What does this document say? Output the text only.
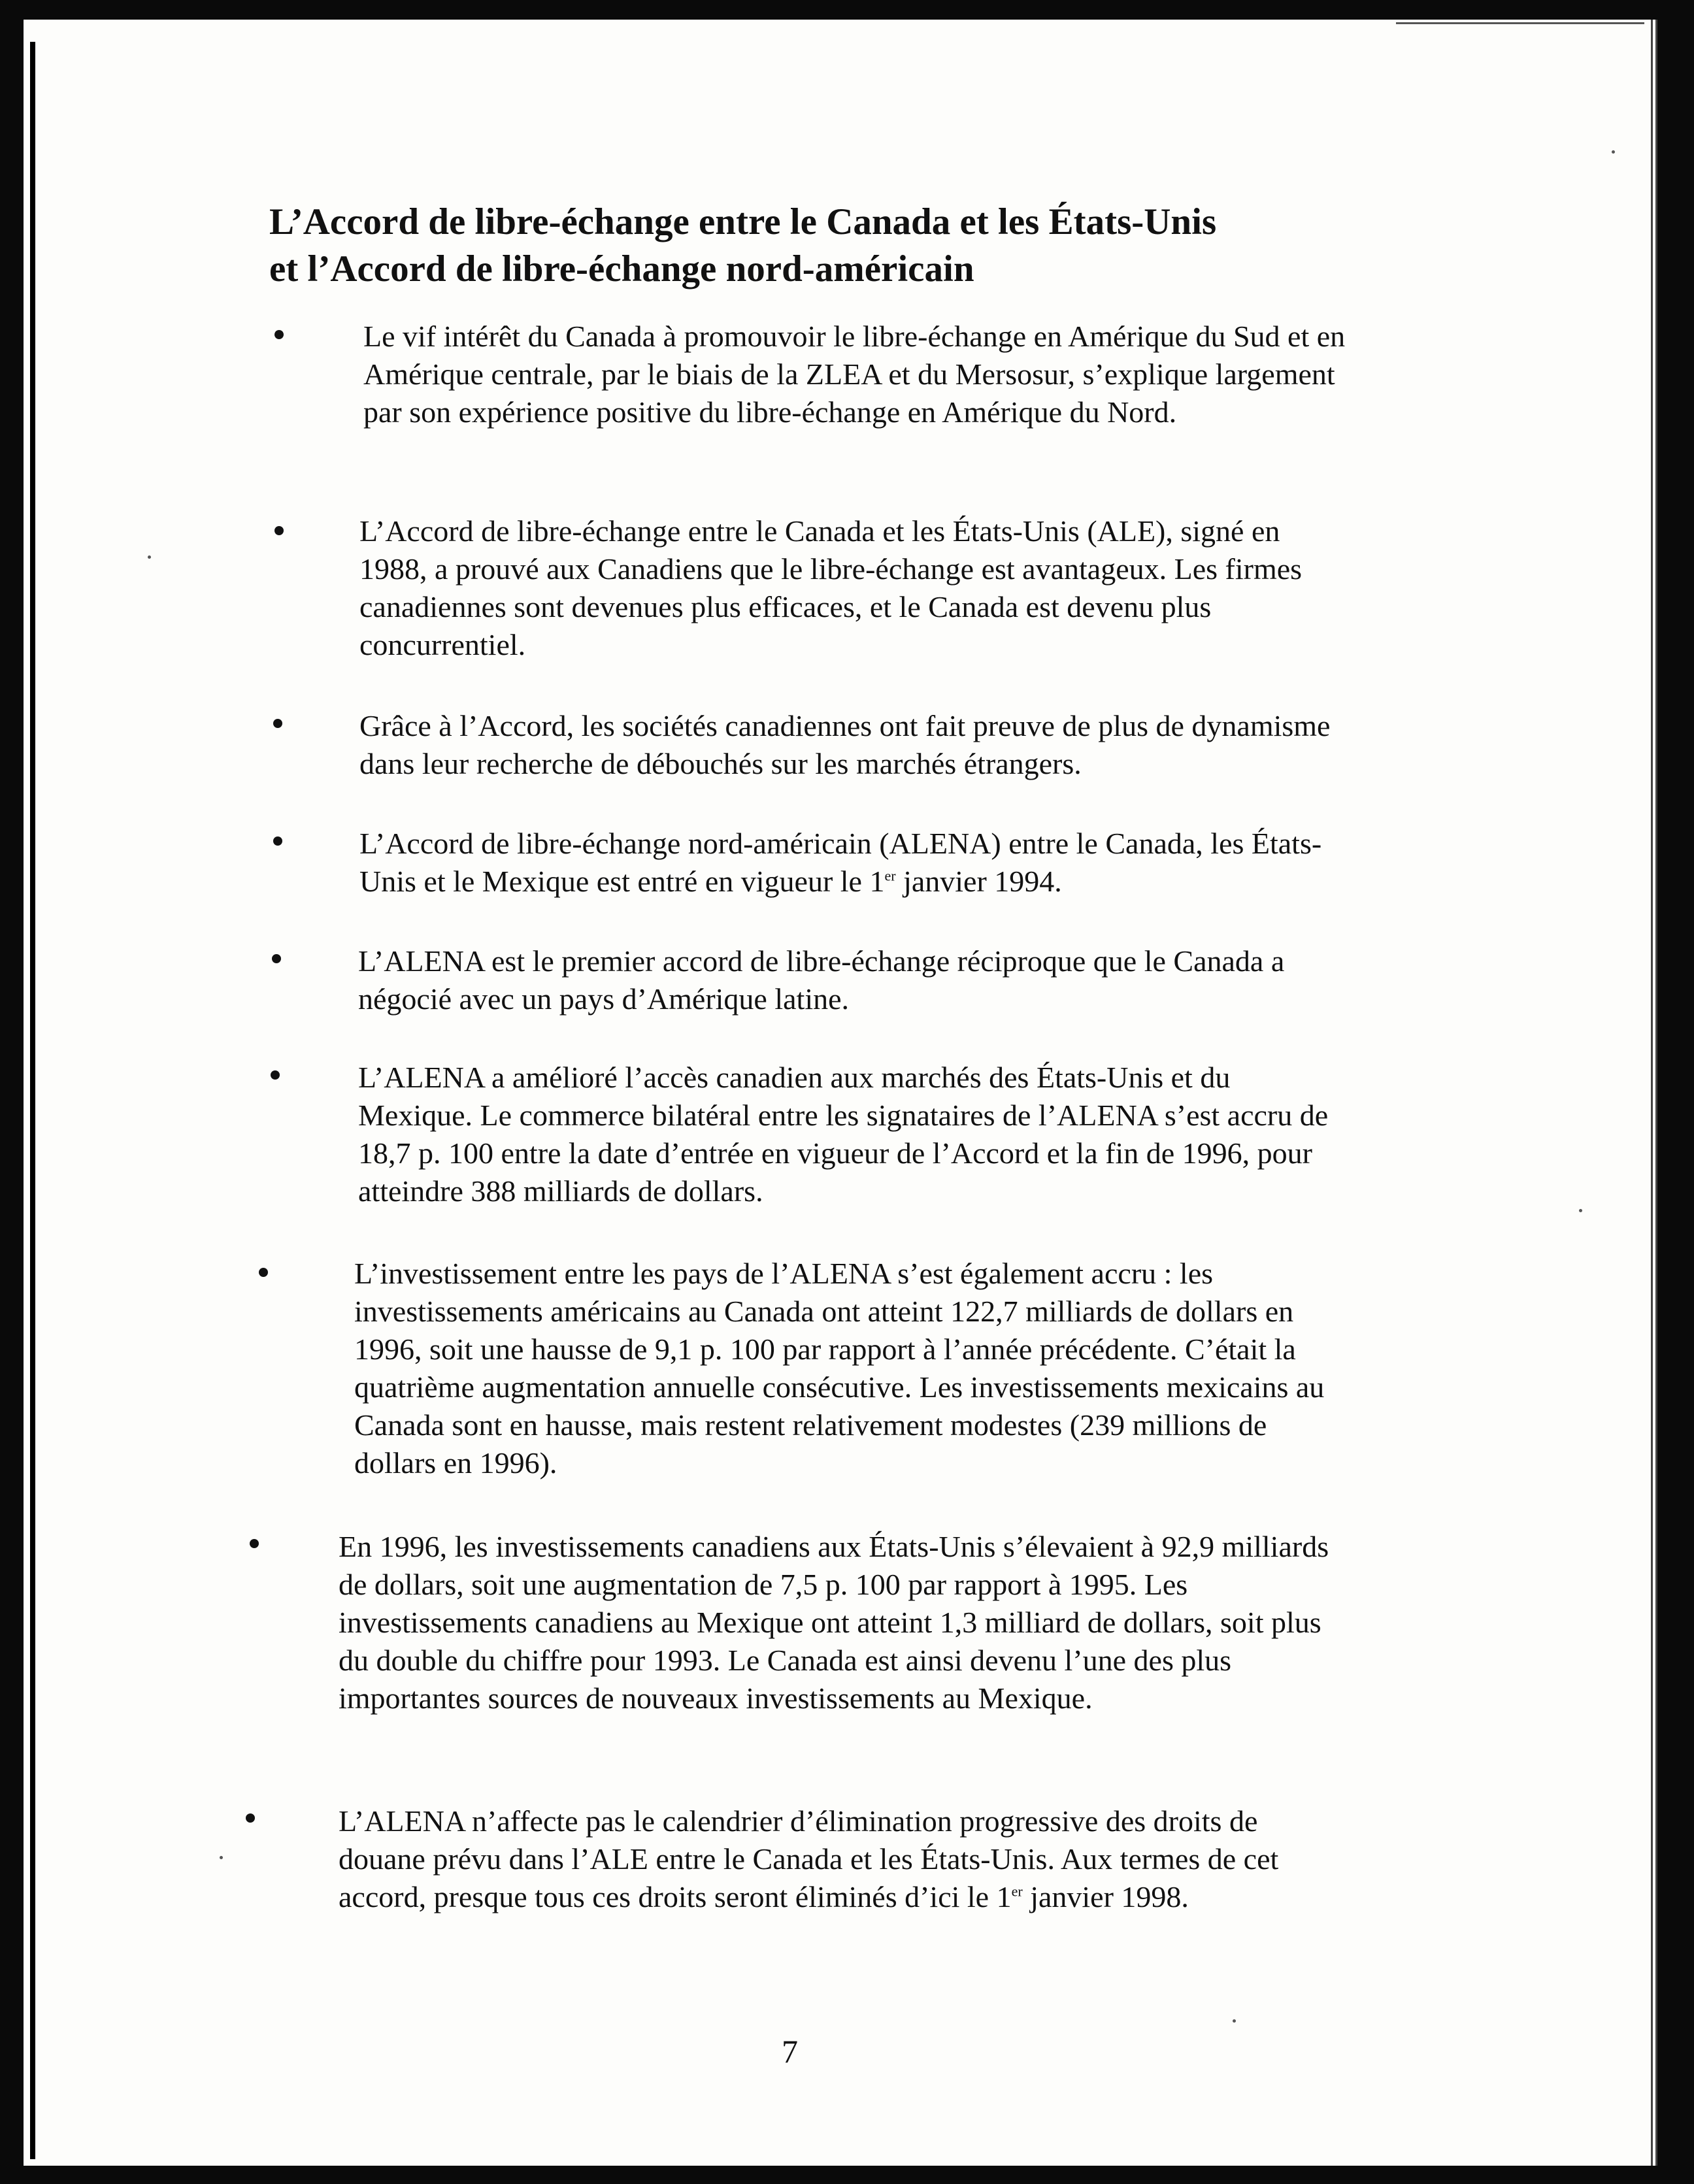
L’Accord de libre-échange entre le Canada et les États-Unis
et l’Accord de libre-échange nord-américain

Le vif intérêt du Canada à promouvoir le libre-échange en Amérique du Sud et en Amérique centrale, par le biais de la ZLEA et du Mersosur, s’explique largement par son expérience positive du libre-échange en Amérique du Nord.

L’Accord de libre-échange entre le Canada et les États-Unis (ALE), signé en 1988, a prouvé aux Canadiens que le libre-échange est avantageux. Les firmes canadiennes sont devenues plus efficaces, et le Canada est devenu plus concurrentiel.

Grâce à l’Accord, les sociétés canadiennes ont fait preuve de plus de dynamisme dans leur recherche de débouchés sur les marchés étrangers.

L’Accord de libre-échange nord-américain (ALENA) entre le Canada, les États-Unis et le Mexique est entré en vigueur le 1er janvier 1994.

L’ALENA est le premier accord de libre-échange réciproque que le Canada a négocié avec un pays d’Amérique latine.

L’ALENA a amélioré l’accès canadien aux marchés des États-Unis et du Mexique. Le commerce bilatéral entre les signataires de l’ALENA s’est accru de 18,7 p. 100 entre la date d’entrée en vigueur de l’Accord et la fin de 1996, pour atteindre 388 milliards de dollars.

L’investissement entre les pays de l’ALENA s’est également accru : les investissements américains au Canada ont atteint 122,7 milliards de dollars en 1996, soit une hausse de 9,1 p. 100 par rapport à l’année précédente. C’était la quatrième augmentation annuelle consécutive. Les investissements mexicains au Canada sont en hausse, mais restent relativement modestes (239 millions de dollars en 1996).

En 1996, les investissements canadiens aux États-Unis s’élevaient à 92,9 milliards de dollars, soit une augmentation de 7,5 p. 100 par rapport à 1995. Les investissements canadiens au Mexique ont atteint 1,3 milliard de dollars, soit plus du double du chiffre pour 1993. Le Canada est ainsi devenu l’une des plus importantes sources de nouveaux investissements au Mexique.

L’ALENA n’affecte pas le calendrier d’élimination progressive des droits de douane prévu dans l’ALE entre le Canada et les États-Unis. Aux termes de cet accord, presque tous ces droits seront éliminés d’ici le 1er janvier 1998.

7
